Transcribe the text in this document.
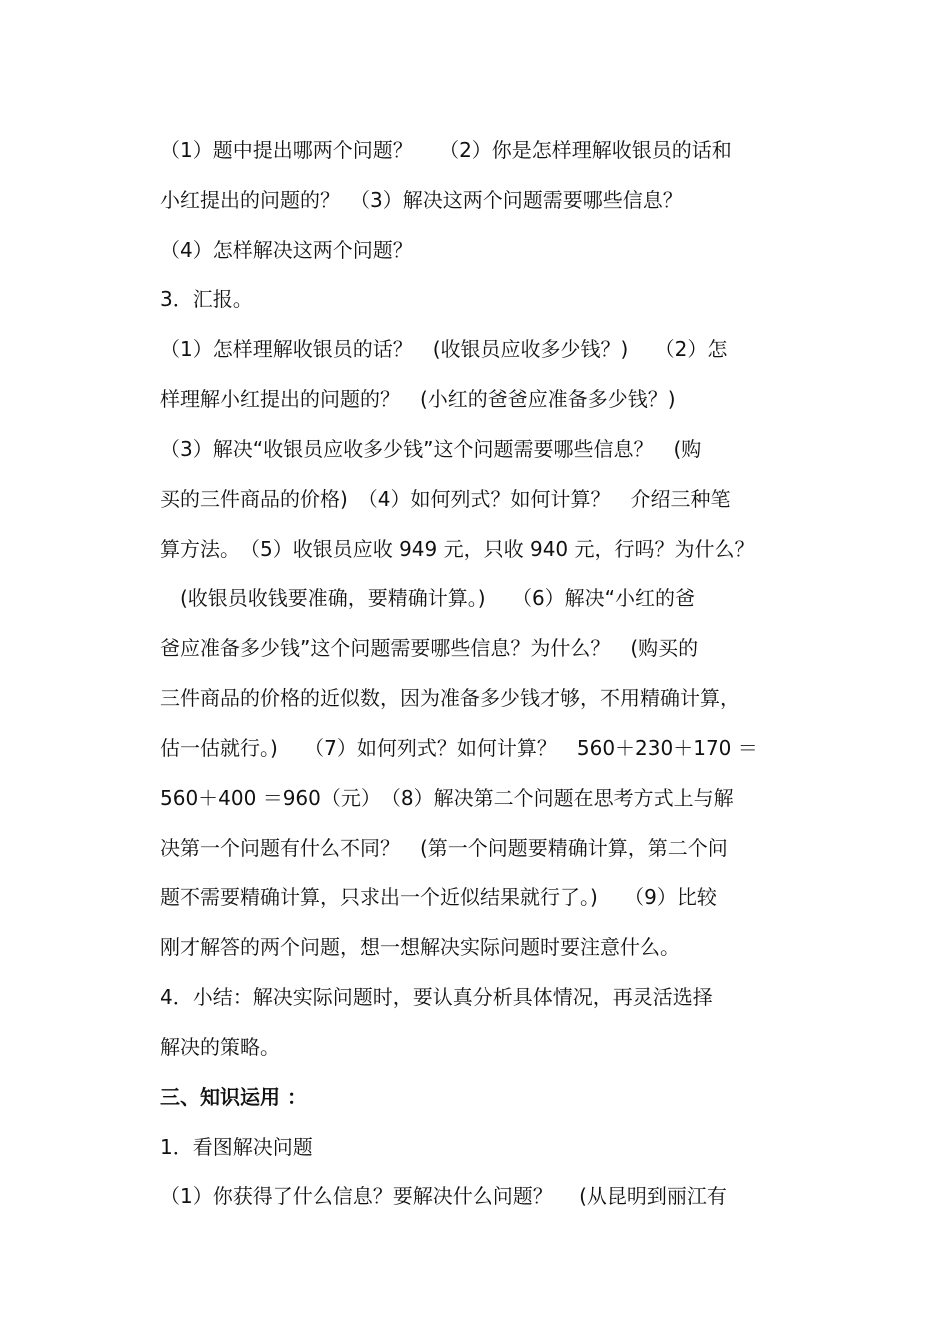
（1）题中提出哪两个问题？　 （2）你是怎样理解收银员的话和
小红提出的问题的？　（3）解决这两个问题需要哪些信息？
（4）怎样解决这两个问题？
3．汇报。
（1）怎样理解收银员的话？　(收银员应收多少钱？)　 （2）怎
样理解小红提出的问题的？　(小红的爸爸应准备多少钱？)
（3）解决“收银员应收多少钱”这个问题需要哪些信息？　(购
买的三件商品的价格)　（4）如何列式？如何计算？　介绍三种笔
算方法。　（5）收银员应收 949 元，只收 940 元，行吗？为什么？
　(收银员收钱要准确，要精确计算。)　 （6）解决“小红的爸
爸应准备多少钱”这个问题需要哪些信息？为什么？　(购买的
三件商品的价格的近似数，因为准备多少钱才够，不用精确计算，
估一估就行。)　 （7）如何列式？如何计算？　560＋230＋170 ＝
560＋400 ＝960（元）　（8）解决第二个问题在思考方式上与解
决第一个问题有什么不同？　(第一个问题要精确计算，第二个问
题不需要精确计算，只求出一个近似结果就行了。)　 （9）比较
刚才解答的两个问题，想一想解决实际问题时要注意什么。
4．小结：解决实际问题时，要认真分析具体情况，再灵活选择
解决的策略。
三、知识运用 ：
1．看图解决问题
（1）你获得了什么信息？要解决什么问题？　 (从昆明到丽江有
